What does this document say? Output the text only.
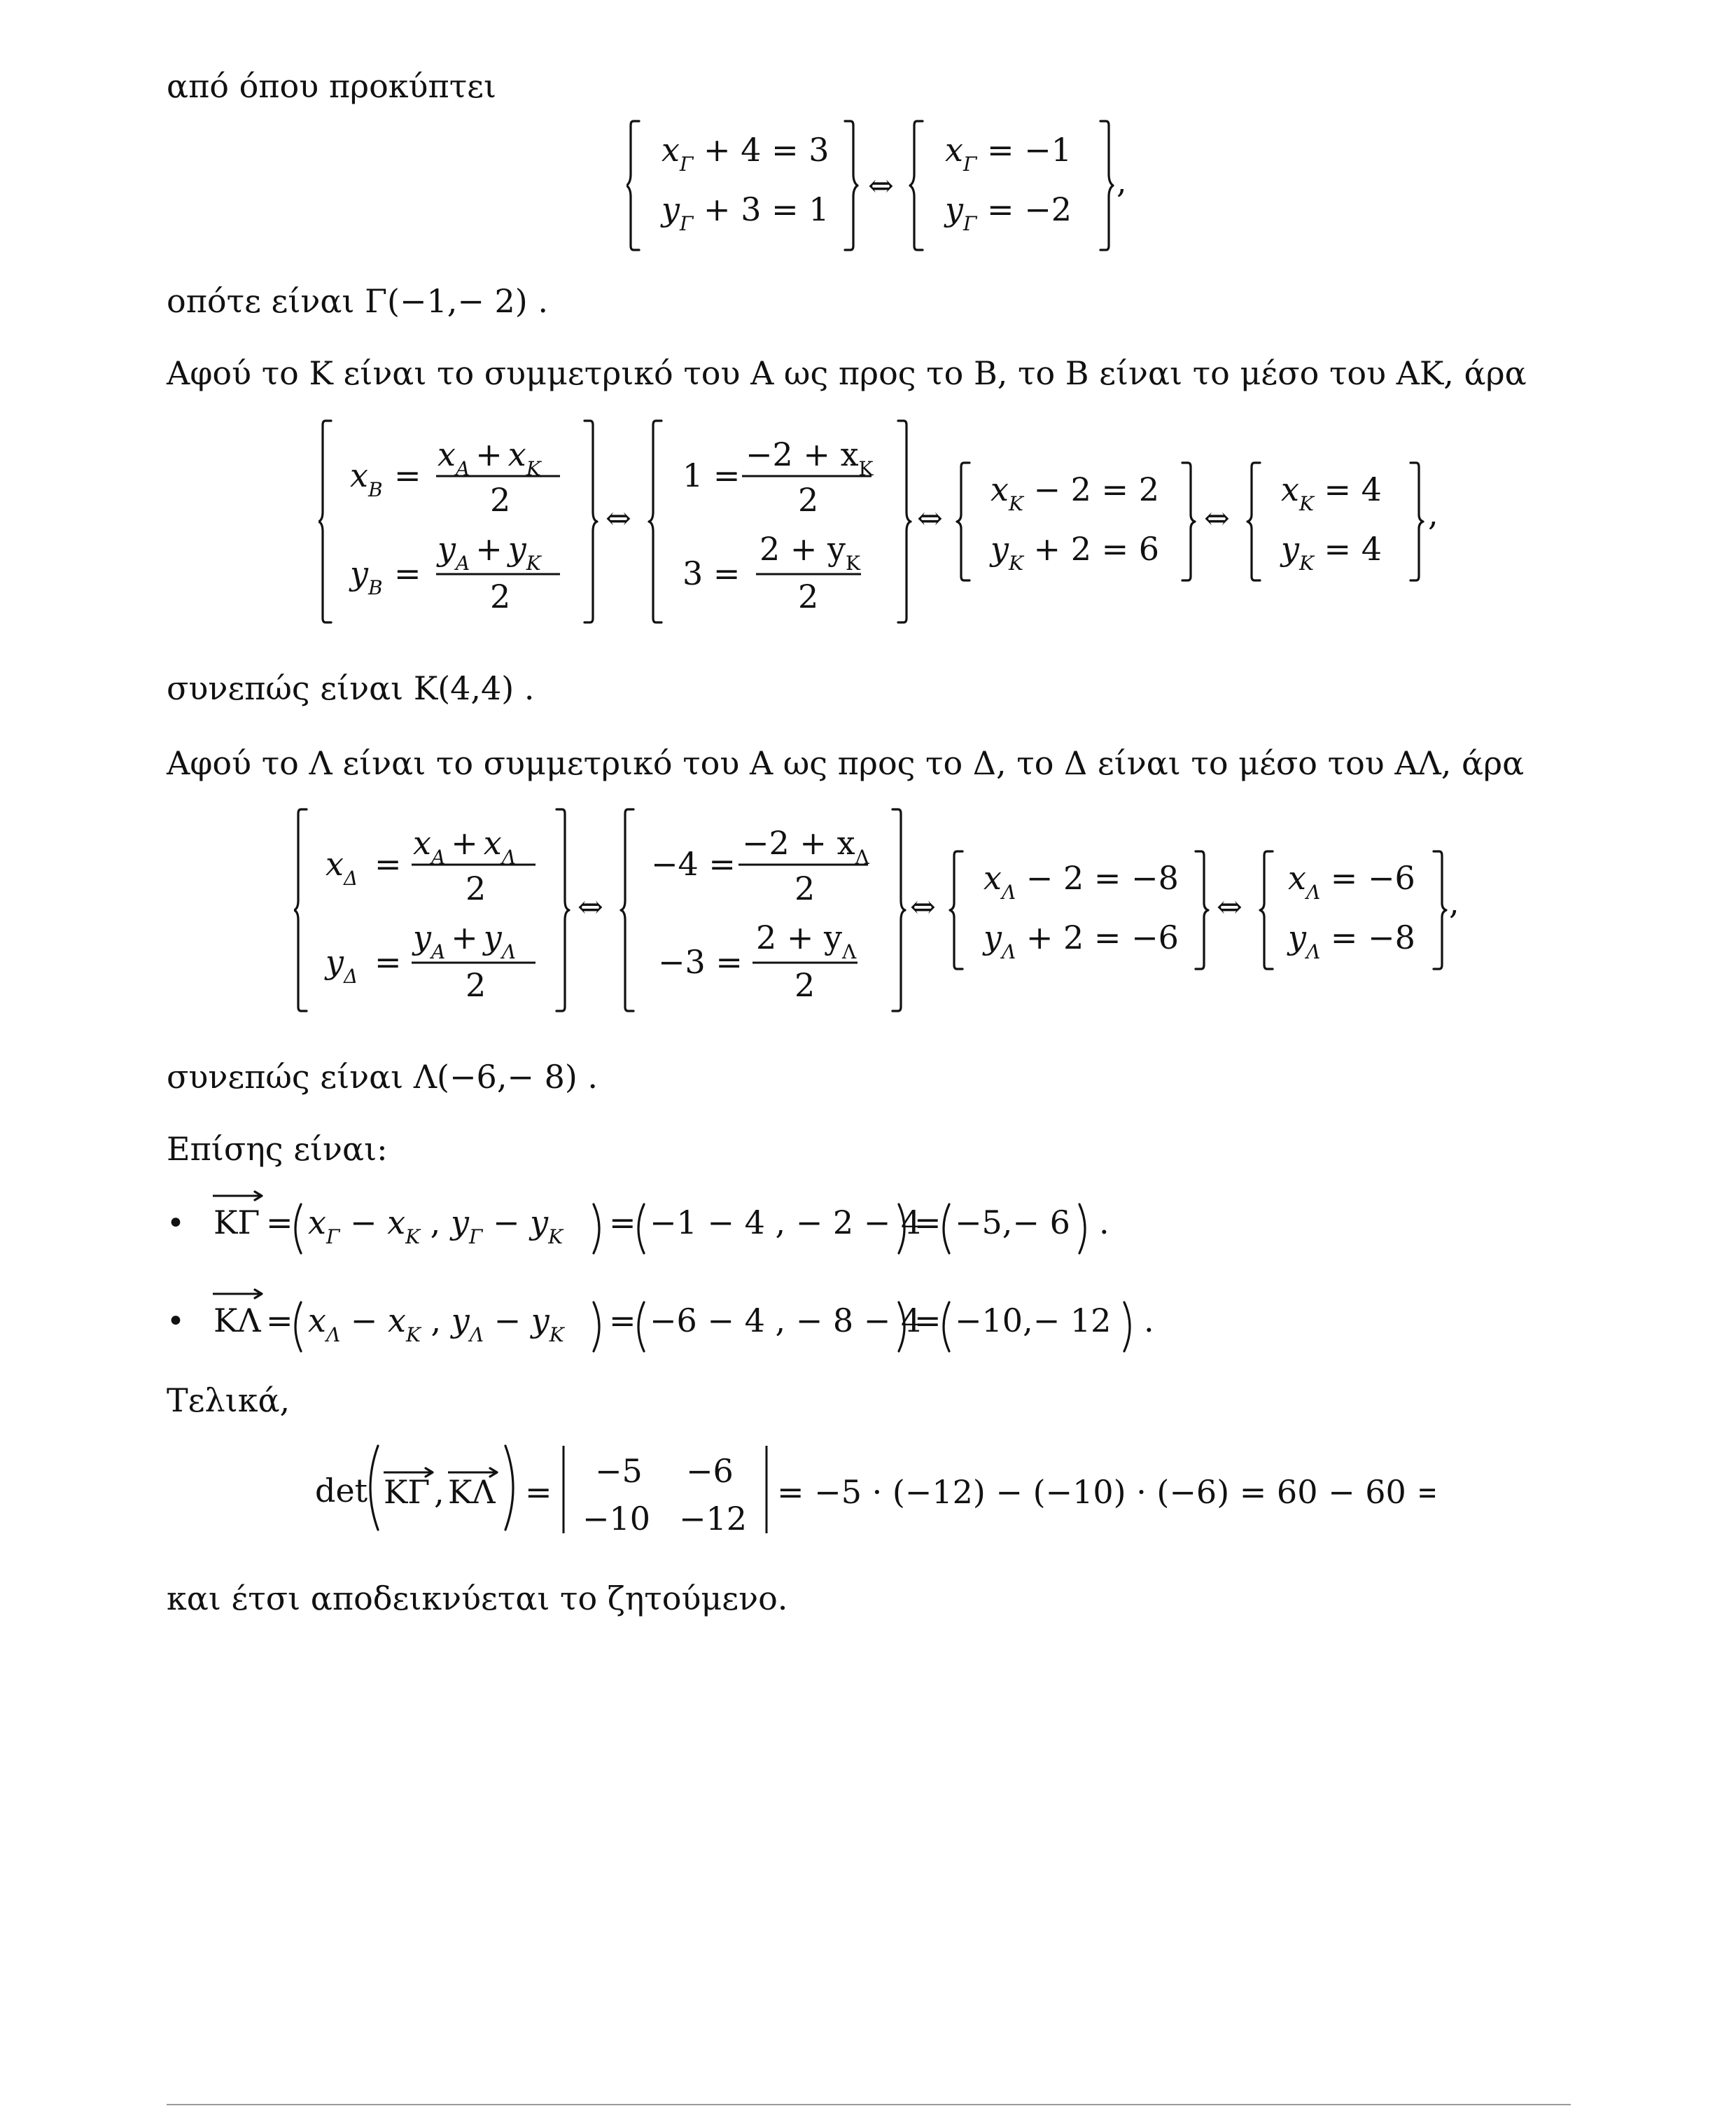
από όπου προκύπτει
$x_\Gamma + 4 = 3$
$y_\Gamma + 3 = 1$
⇔
$x_\Gamma = -1$
$y_\Gamma = -2$
,
οπότε είναι Γ(−1,− 2) .
Αφού το Κ είναι το συμμετρικό του Α ως προς το Β, το Β είναι το μέσο του ΑΚ, άρα
$x_B$ =
$x_A + x_K$
2
$y_B$ =
$y_A + y_K$
2
⇔
1 =
$-2 + x_K$
2
3 =
$2 + y_K$
2
⇔
$x_K - 2 = 2$
$y_K + 2 = 6$
⇔
$x_K = 4$
$y_K = 4$
,
συνεπώς είναι Κ(4,4) .
Αφού το Λ είναι το συμμετρικό του Α ως προς το Δ, το Δ είναι το μέσο του ΑΛ, άρα
$x_\Delta$ =
$x_A + x_\Lambda$
2
$y_\Delta$ =
$y_A + y_\Lambda$
2
⇔
−4 =
$-2 + x_\Lambda$
2
−3 =
$2 + y_\Lambda$
2
⇔
$x_\Lambda - 2 = -8$
$y_\Lambda + 2 = -6$
⇔
$x_\Lambda = -6$
$y_\Lambda = -8$
,
συνεπώς είναι Λ(−6,− 8) .
Επίσης είναι:
• $K\Gamma = x_\Gamma - x_K$ , $y_\Gamma - y_K = -1 - 4$ , − 2 − 4
= −5,− 6 .
• $K\Lambda = x_\Lambda - x_K$ , $y_\Lambda - y_K = -6 - 4$ , − 8 − 4
= −10,− 12 .
Τελικά,
det ΚΓ , ΚΛ =
−5 −6
−10 −12
= −5 · (−12) − (−10) · (−6) = 60 − 60 = 0
και έτσι αποδεικνύεται το ζητούμενο.
